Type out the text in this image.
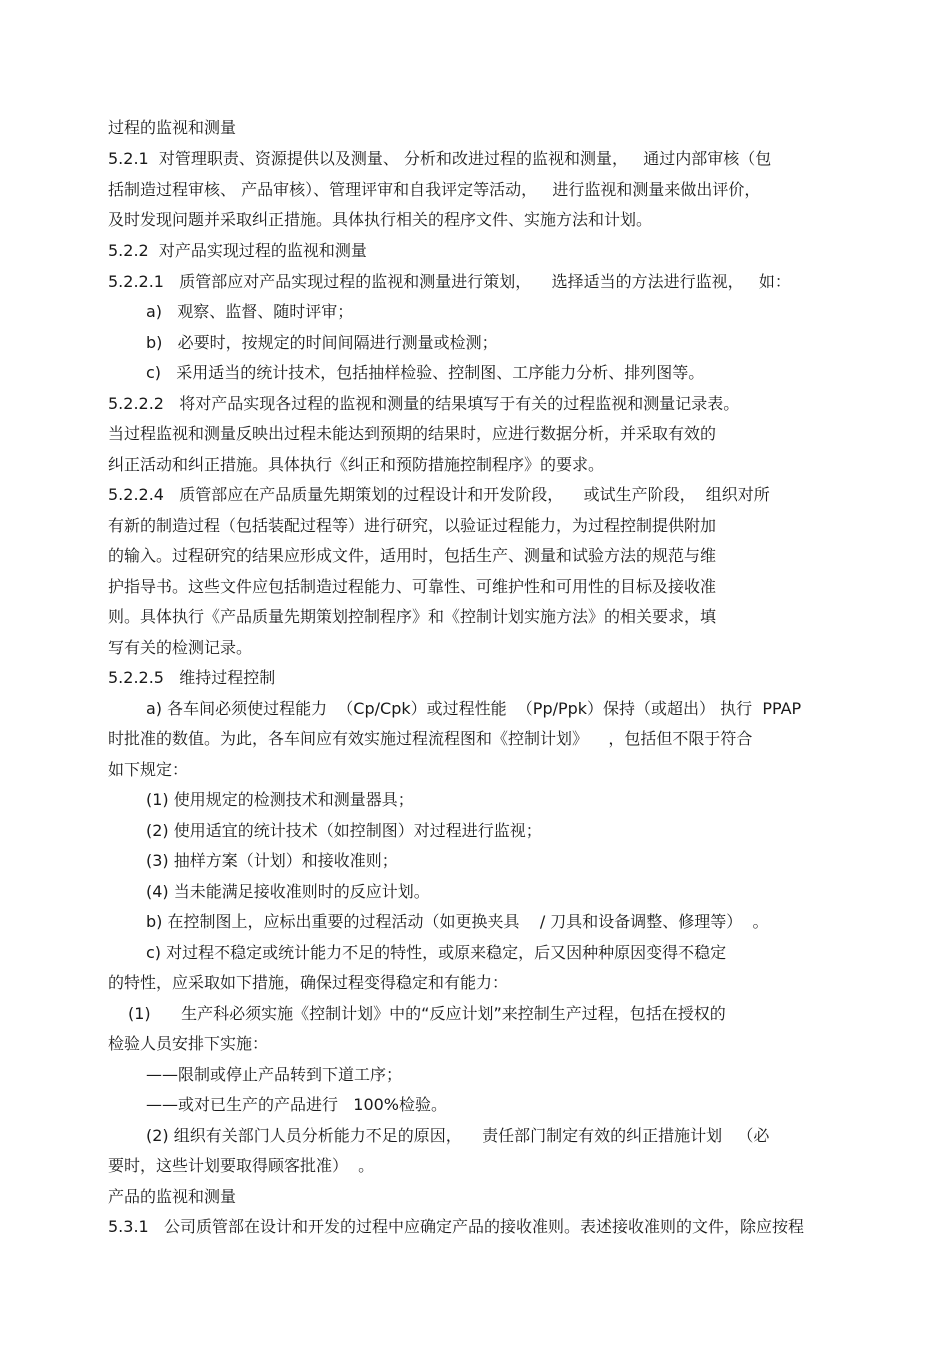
过程的监视和测量

5.2.1  对管理职责、资源提供以及测量、 分析和改进过程的监视和测量，   通过内部审核（包

括制造过程审核、 产品审核）、管理评审和自我评定等活动，   进行监视和测量来做出评价，

及时发现问题并采取纠正措施。具体执行相关的程序文件、实施方法和计划。

5.2.2  对产品实现过程的监视和测量

5.2.2.1   质管部应对产品实现过程的监视和测量进行策划，    选择适当的方法进行监视，   如：

a)   观察、监督、随时评审；

b)   必要时，按规定的时间间隔进行测量或检测；

c)   采用适当的统计技术，包括抽样检验、控制图、工序能力分析、排列图等。

5.2.2.2   将对产品实现各过程的监视和测量的结果填写于有关的过程监视和测量记录表。

当过程监视和测量反映出过程未能达到预期的结果时，应进行数据分析，并采取有效的

纠正活动和纠正措施。具体执行《纠正和预防措施控制程序》的要求。

5.2.2.4   质管部应在产品质量先期策划的过程设计和开发阶段，    或试生产阶段，  组织对所

有新的制造过程（包括装配过程等）进行研究，以验证过程能力，为过程控制提供附加

的输入。过程研究的结果应形成文件，适用时，包括生产、测量和试验方法的规范与维

护指导书。这些文件应包括制造过程能力、可靠性、可维护性和可用性的目标及接收准

则。具体执行《产品质量先期策划控制程序》和《控制计划实施方法》的相关要求，填

写有关的检测记录。

5.2.2.5   维持过程控制

a) 各车间必须使过程能力  （Cp/Cpk）或过程性能  （Pp/Ppk）保持（或超出） 执行  PPAP

时批准的数值。为此，各车间应有效实施过程流程图和《控制计划》    ，包括但不限于符合

如下规定：

(1) 使用规定的检测技术和测量器具；

(2) 使用适宜的统计技术（如控制图）对过程进行监视；

(3) 抽样方案（计划）和接收准则；

(4) 当未能满足接收准则时的反应计划。

b) 在控制图上，应标出重要的过程活动（如更换夹具    / 刀具和设备调整、修理等）  。

c) 对过程不稳定或统计能力不足的特性，或原来稳定，后又因种种原因变得不稳定

的特性，应采取如下措施，确保过程变得稳定和有能力：

(1)      生产科必须实施《控制计划》中的“反应计划”来控制生产过程，包括在授权的

检验人员安排下实施：

——限制或停止产品转到下道工序；

——或对已生产的产品进行   100%检验。

(2) 组织有关部门人员分析能力不足的原因，    责任部门制定有效的纠正措施计划   （必

要时，这些计划要取得顾客批准）  。

产品的监视和测量

5.3.1   公司质管部在设计和开发的过程中应确定产品的接收准则。表述接收准则的文件，除应按程
